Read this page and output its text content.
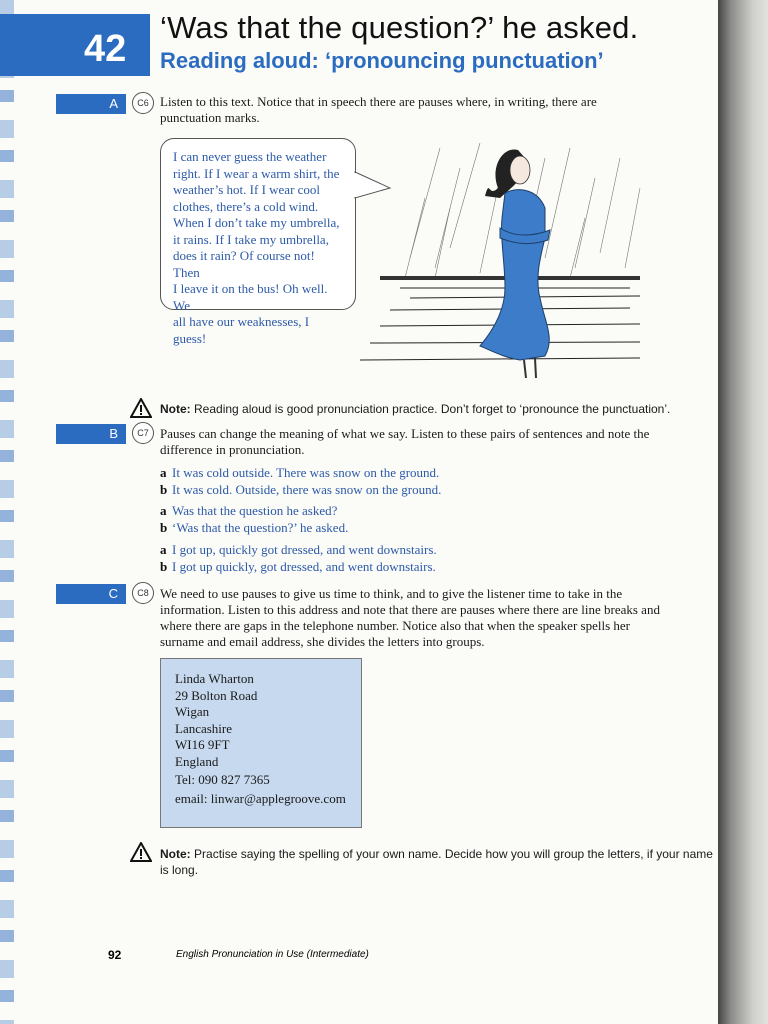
42
‘Was that the question?’ he asked.
Reading aloud: ‘pronouncing punctuation’
A	C6 Listen to this text. Notice that in speech there are pauses where, in writing, there are
punctuation marks.

I can never guess the weather

right. If I wear a warm shirt, the

weather’s hot. If I wear cool

clothes, there’s a cold wind.

When I don’t take my umbrella,

it rains. If I take my umbrella,

does it rain? Of course not! Then

I leave it on the bus! Oh well. We

all have our weaknesses, I guess!

Note: Reading aloud is good pronunciation practice. Don’t forget to ‘pronounce the punctuation’.
B	C7 Pauses can change the meaning of what we say. Listen to these pairs of sentences and note the
difference in pronunciation.
a It was cold outside. There was snow on the ground.
b It was cold. Outside, there was snow on the ground.
a Was that the question he asked?
b ‘Was that the question?’ he asked.
a I got up, quickly got dressed, and went downstairs.
b I got up quickly, got dressed, and went downstairs.
C	C8 We need to use pauses to give us time to think, and to give the listener time to take in the
information. Listen to this address and note that there are pauses where there are line breaks and
where there are gaps in the telephone number. Notice also that when the speaker spells her
surname and email address, she divides the letters into groups.
Linda Wharton
29 Bolton Road
Wigan
Lancashire
WI16 9FT
England
Tel: 090 827 7365
email: linwar@applegroove.com
Note: Practise saying the spelling of your own name. Decide how you will group the letters, if your name
is long.
92	English Pronunciation in Use (Intermediate)
